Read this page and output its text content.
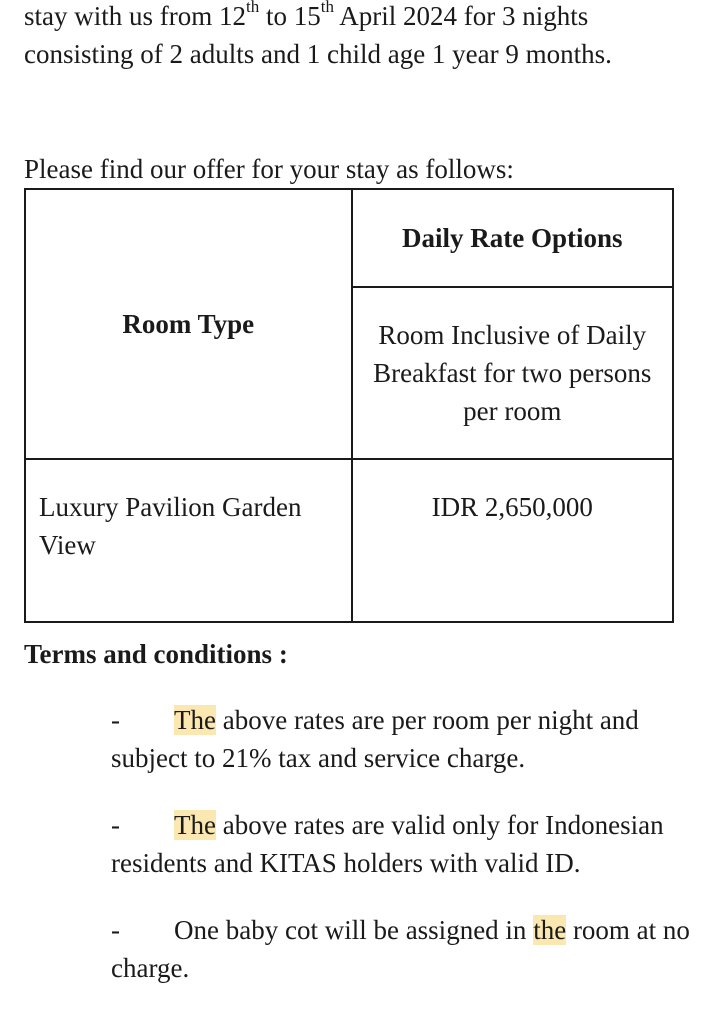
stay with us from 12th to 15th April 2024 for 3 nights consisting of 2 adults and 1 child age 1 year 9 months.

Please find our offer for your stay as follows:

Room Type	Daily Rate Options
	Room Inclusive of Daily Breakfast for two persons per room
Luxury Pavilion Garden View	IDR 2,650,000

Terms and conditions :

- The above rates are per room per night and subject to 21% tax and service charge.
- The above rates are valid only for Indonesian residents and KITAS holders with valid ID.
- One baby cot will be assigned in the room at no charge.
